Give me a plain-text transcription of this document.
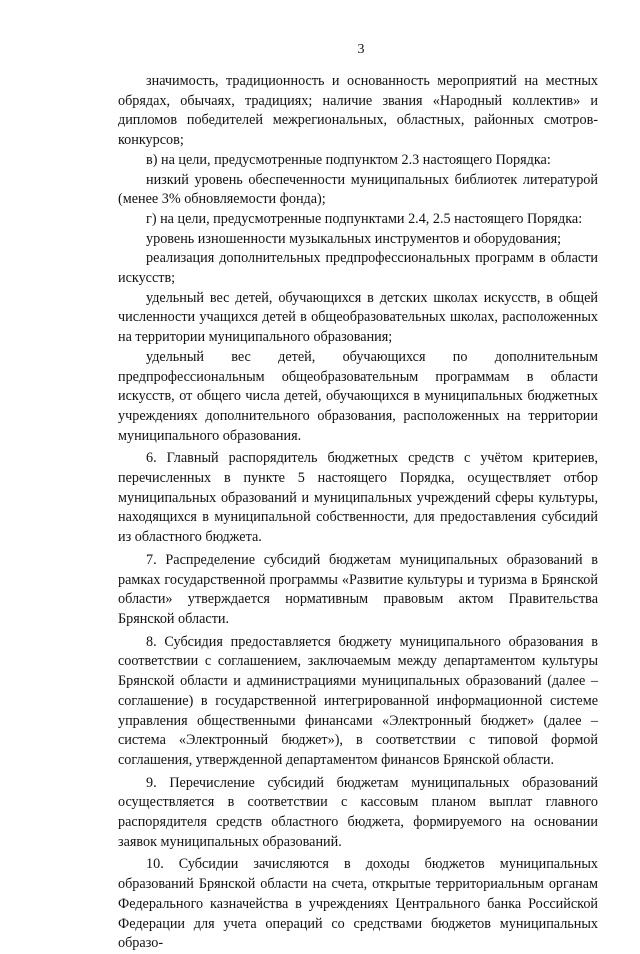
3

значимость, традиционность и основанность мероприятий на местных обрядах, обычаях, традициях; наличие звания «Народный коллектив» и дипломов победителей межрегиональных, областных, районных смотров-конкурсов;

в) на цели, предусмотренные подпунктом 2.3 настоящего Порядка:

низкий уровень обеспеченности муниципальных библиотек литературой (менее 3% обновляемости фонда);

г) на цели, предусмотренные подпунктами 2.4, 2.5 настоящего Порядка:

уровень изношенности музыкальных инструментов и оборудования;

реализация дополнительных предпрофессиональных программ в области искусств;

удельный вес детей, обучающихся в детских школах искусств, в общей численности учащихся детей в общеобразовательных школах, расположенных на территории муниципального образования;

удельный вес детей, обучающихся по дополнительным предпрофессиональным общеобразовательным программам в области искусств, от общего числа детей, обучающихся в муниципальных бюджетных учреждениях дополнительного образования, расположенных на территории муниципального образования.

6. Главный распорядитель бюджетных средств с учётом критериев, перечисленных в пункте 5 настоящего Порядка, осуществляет отбор муниципальных образований и муниципальных учреждений сферы культуры, находящихся в муниципальной собственности, для предоставления субсидий из областного бюджета.

7. Распределение субсидий бюджетам муниципальных образований в рамках государственной программы «Развитие культуры и туризма в Брянской области» утверждается нормативным правовым актом Правительства Брянской области.

8. Субсидия предоставляется бюджету муниципального образования в соответствии с соглашением, заключаемым между департаментом культуры Брянской области и администрациями муниципальных образований (далее – соглашение) в государственной интегрированной информационной системе управления общественными финансами «Электронный бюджет» (далее – система «Электронный бюджет»), в соответствии с типовой формой соглашения, утвержденной департаментом финансов Брянской области.

9. Перечисление субсидий бюджетам муниципальных образований осуществляется в соответствии с кассовым планом выплат главного распорядителя средств областного бюджета, формируемого на основании заявок муниципальных образований.

10. Субсидии зачисляются в доходы бюджетов муниципальных образований Брянской области на счета, открытые территориальным органам Федерального казначейства в учреждениях Центрального банка Российской Федерации для учета операций со средствами бюджетов муниципальных образо-
